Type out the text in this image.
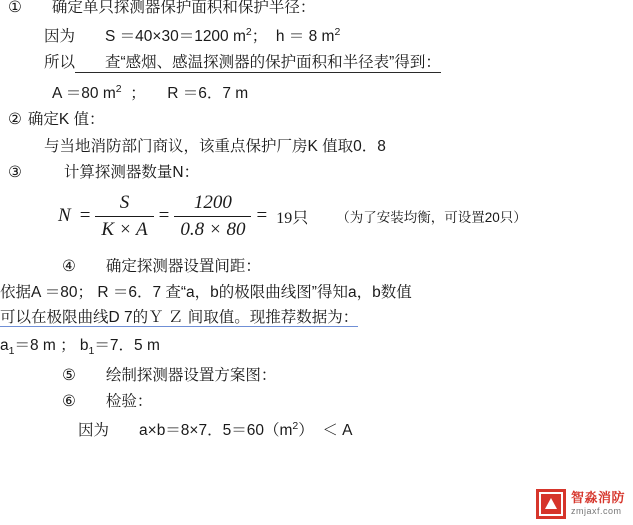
①	确定单只探测器保护面积和保护半径：
因为	S ＝40×30＝1200 $m^2$；  h ＝ 8 $m^2$
所以	查“感烟、感温探测器的保护面积和半径表”得到：
A ＝80 $m^2$  ；     R ＝6．7 m
② 确定K 值：
与当地消防部门商议，该重点保护厂房K 值取0．8
③	计算探测器数量N：
$N = \frac{S}{K \times A} = \frac{1200}{0.8 \times 80} = 19$只 （为了安装均衡，可设置20只）
④	确定探测器设置间距：
依据A ＝80； R ＝6．7 查“a，b的极限曲线图”得知a，b数值
可以在极限曲线D 7的Ｙ Ｚ 间取值。现推荐数据为：
$a_1=8$ m ； $b_1=7$．5 m
⑤	绘制探测器设置方案图：
⑥	检验：
因为	a×b＝8×7．$5=60(m^2) < A$
智淼消防
zmjaxf.com
